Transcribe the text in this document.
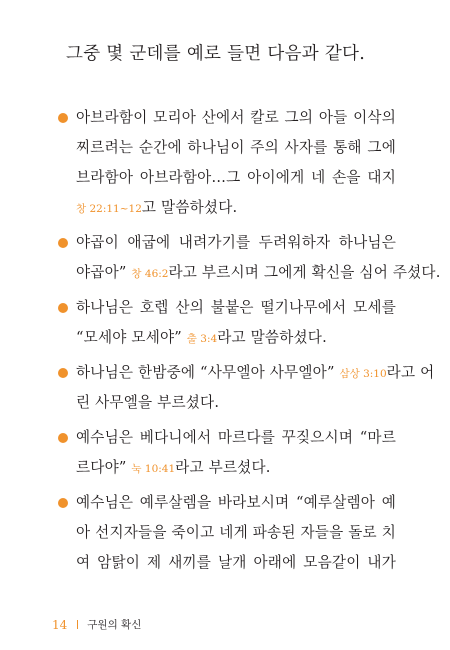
그중 몇 군데를 예로 들면 다음과 같다.
아브라함이 모리아 산에서 칼로 그의 아들 이삭의
찌르려는 순간에 하나님이 주의 사자를 통해 그에
브라함아 아브라함아…그 아이에게 네 손을 대지
창 22:11~12고 말씀하셨다.
야곱이 애굽에 내려가기를 두려워하자 하나님은
야곱아” 창 46:2라고 부르시며 그에게 확신을 심어 주셨다.
하나님은 호렙 산의 불붙은 떨기나무에서 모세를
“모세야 모세야” 출 3:4라고 말씀하셨다.
하나님은 한밤중에 “사무엘아 사무엘아” 삼상 3:10라고 어
린 사무엘을 부르셨다.
예수님은 베다니에서 마르다를 꾸짖으시며 “마르
르다야” 눅 10:41라고 부르셨다.
예수님은 예루살렘을 바라보시며 “예루살렘아 예
아 선지자들을 죽이고 네게 파송된 자들을 돌로 치
여 암탉이 제 새끼를 날개 아래에 모음같이 내가
14 구원의 확신
